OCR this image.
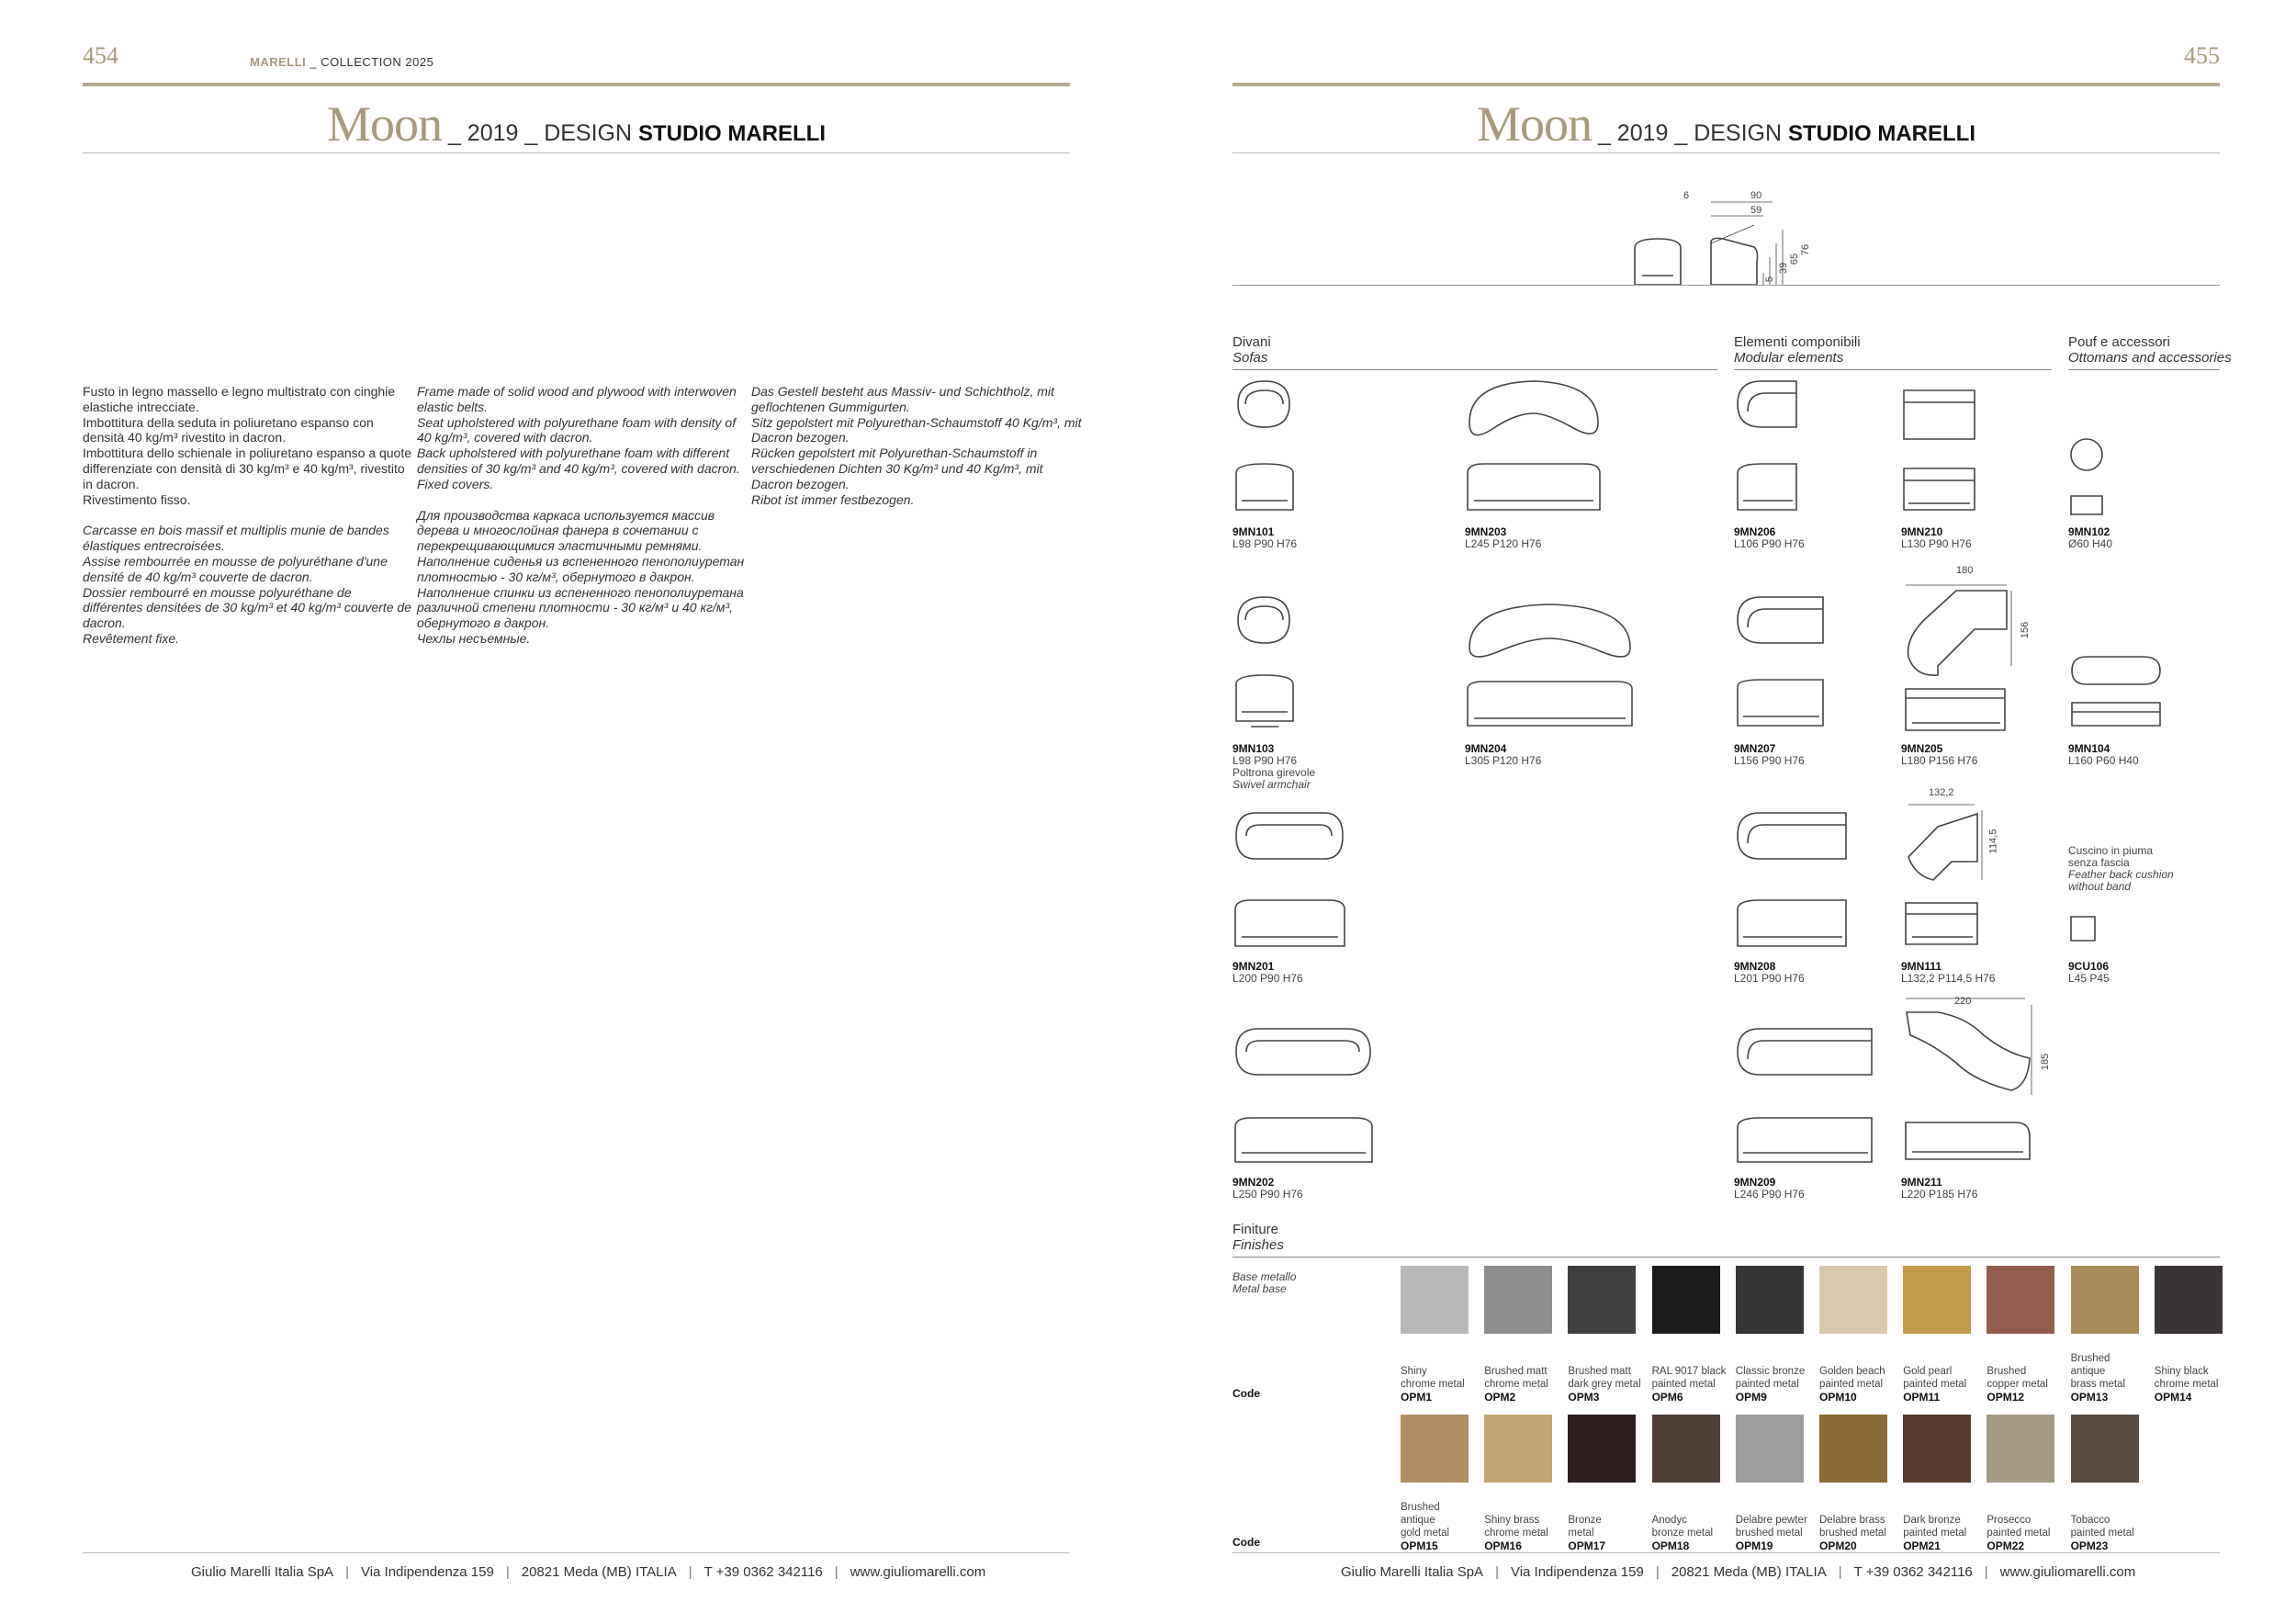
454	MARELLI _ COLLECTION 2025
Moon _ 2019 _ DESIGN STUDIO MARELLI

Fusto in legno massello e legno multistrato con cinghie elastiche intrecciate.
Imbottitura della seduta in poliuretano espanso con densità 40 kg/m³ rivestito in dacron.
Imbottitura dello schienale in poliuretano espanso a quote differenziate con densità di 30 kg/m³ e 40 kg/m³, rivestito in dacron.
Rivestimento fisso.

Carcasse en bois massif et multiplis munie de bandes élastiques entrecroisées.
Assise rembourrée en mousse de polyuréthane d'une densité de 40 kg/m³ couverte de dacron.
Dossier rembourré en mousse polyuréthane de différentes densitées de 30 kg/m³ et 40 kg/m³ couverte de dacron.
Revêtement fixe.

Frame made of solid wood and plywood with interwoven elastic belts.
Seat upholstered with polyurethane foam with density of 40 kg/m³, covered with dacron.
Back upholstered with polyurethane foam with different densities of 30 kg/m³ and 40 kg/m³, covered with dacron.
Fixed covers.

Для производства каркаса используется массив дерева и многослойная фанера в сочетании с перекрещивающимися эластичными ремнями. Наполнение сиденья из вспененного пенополиуретан плотностью - 30 кг/м³, обернутого в дакрон.
Наполнение спинки из вспененного пенополиуретана различной степени плотности - 30 кг/м³ и 40 кг/м³, обернутого в дакрон.
Чехлы несъемные.

Das Gestell besteht aus Massiv- und Schichtholz, mit geflochtenen Gummigurten.
Sitz gepolstert mit Polyurethan-Schaumstoff 40 Kg/m³, mit Dacron bezogen.
Rücken gepolstert mit Polyurethan-Schaumstoff in verschiedenen Dichten 30 Kg/m³ und 40 Kg/m³, mit Dacron bezogen.
Ribot ist immer festbezogen.

Giulio Marelli Italia SpA | Via Indipendenza 159 | 20821 Meda (MB) ITALIA | T +39 0362 342116 | www.giuliomarelli.com
455
Moon _ 2019 _ DESIGN STUDIO MARELLI
6	90
59
5
39
65
76
Divani
Sofas
Elementi componibili
Modular elements
Pouf e accessori
Ottomans and accessories
9MN101
L98 P90 H76
9MN203
L245 P120 H76
9MN206
L106 P90 H76
9MN210
L130 P90 H76
9MN102
Ø60 H40
9MN103
L98 P90 H76
Poltrona girevole
Swivel armchair
9MN204
L305 P120 H76
9MN207
L156 P90 H76
180
156
9MN205
L180 P156 H76
9MN104
L160 P60 H40
9MN201
L200 P90 H76
9MN208
L201 P90 H76
132,2
114,5
9MN111
L132,2 P114,5 H76
Cuscino in piuma
senza fascia
Feather back cushion
without band
9CU106
L45 P45
9MN202
L250 P90 H76
9MN209
L246 P90 H76
220
185
9MN211
L220 P185 H76
Finiture
Finishes
Base metallo
Metal base
Code
Code
Shiny
chrome metal
OPM1
Brushed matt
chrome metal
OPM2
Brushed matt
dark grey metal
OPM3
RAL 9017 black
painted metal
OPM6
Classic bronze
painted metal
OPM9
Golden beach
painted metal
OPM10
Gold pearl
painted metal
OPM11
Brushed
copper metal
OPM12
Brushed
antique
brass metal
OPM13
Shiny black
chrome metal
OPM14
Brushed
antique
gold metal
OPM15
Shiny brass
chrome metal
OPM16
Bronze
metal
OPM17
Anodyc
bronze metal
OPM18
Delabre pewter
brushed metal
OPM19
Delabre brass
brushed metal
OPM20
Dark bronze
painted metal
OPM21
Prosecco
painted metal
OPM22
Tobacco
painted metal
OPM23
Giulio Marelli Italia SpA | Via Indipendenza 159 | 20821 Meda (MB) ITALIA | T +39 0362 342116 | www.giuliomarelli.com
